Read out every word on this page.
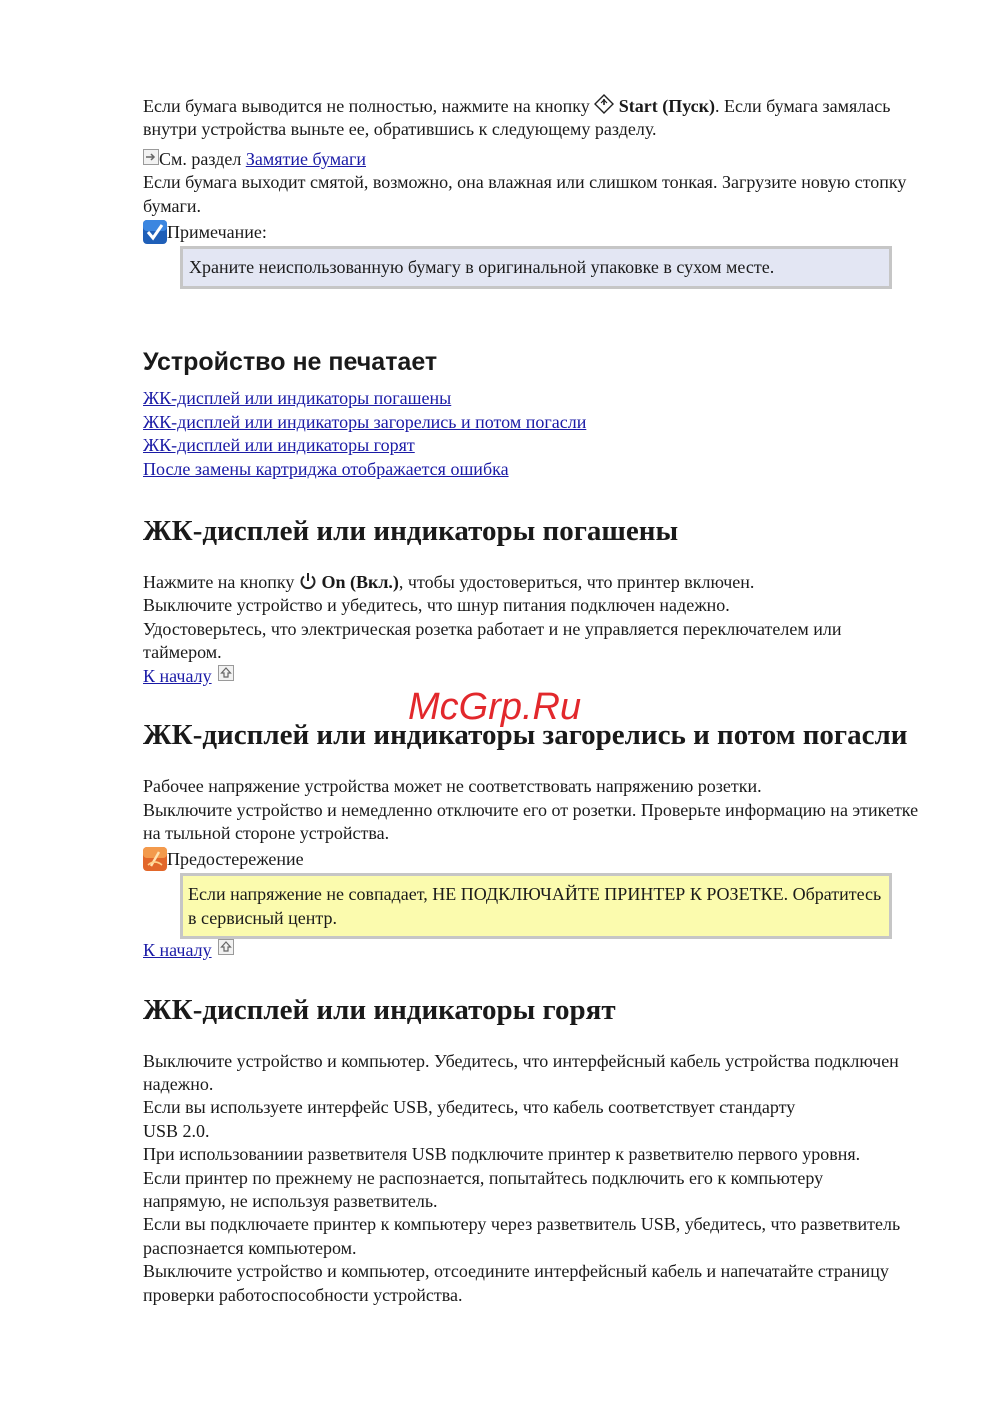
Если бумага выводится не полностью, нажмите на кнопку Start (Пуск). Если бумага замялась внутри устройства выньте ее, обратившись к следующему разделу.

См. раздел Замятие бумаги

Если бумага выходит смятой, возможно, она влажная или слишком тонкая. Загрузите новую стопку бумаги.

Примечание:
Храните неиспользованную бумагу в оригинальной упаковке в сухом месте.
Устройство не печатает
ЖК-дисплей или индикаторы погашены
ЖК-дисплей или индикаторы загорелись и потом погасли
ЖК-дисплей или индикаторы горят
После замены картриджа отображается ошибка
ЖК-дисплей или индикаторы погашены

Нажмите на кнопку On (Вкл.), чтобы удостовериться, что принтер включен.

Выключите устройство и убедитесь, что шнур питания подключен надежно.

Удостоверьтесь, что электрическая розетка работает и не управляется переключателем или таймером.

К началу
ЖК-дисплей или индикаторы загорелись и потом погасли

Рабочее напряжение устройства может не соответствовать напряжению розетки.

Выключите устройство и немедленно отключите его от розетки. Проверьте информацию на этикетке на тыльной стороне устройства.

Предостережение
Если напряжение не совпадает, НЕ ПОДКЛЮЧАЙТЕ ПРИНТЕР К РОЗЕТКЕ. Обратитесь в сервисный центр.
К началу
ЖК-дисплей или индикаторы горят

Выключите устройство и компьютер. Убедитесь, что интерфейсный кабель устройства подключен надежно.

Если вы используете интерфейс USB, убедитесь, что кабель соответствует стандарту USB 2.0.

При использованиии разветвителя USB подключите принтер к разветвителю первого уровня. Если принтер по прежнему не распознается, попытайтесь подключить его к компьютеру напрямую, не используя разветвитель.

Если вы подключаете принтер к компьютеру через разветвитель USB, убедитесь, что разветвитель распознается компьютером.

Выключите устройство и компьютер, отсоедините интерфейсный кабель и напечатайте страницу проверки работоспособности устройства.

McGrp.Ru
